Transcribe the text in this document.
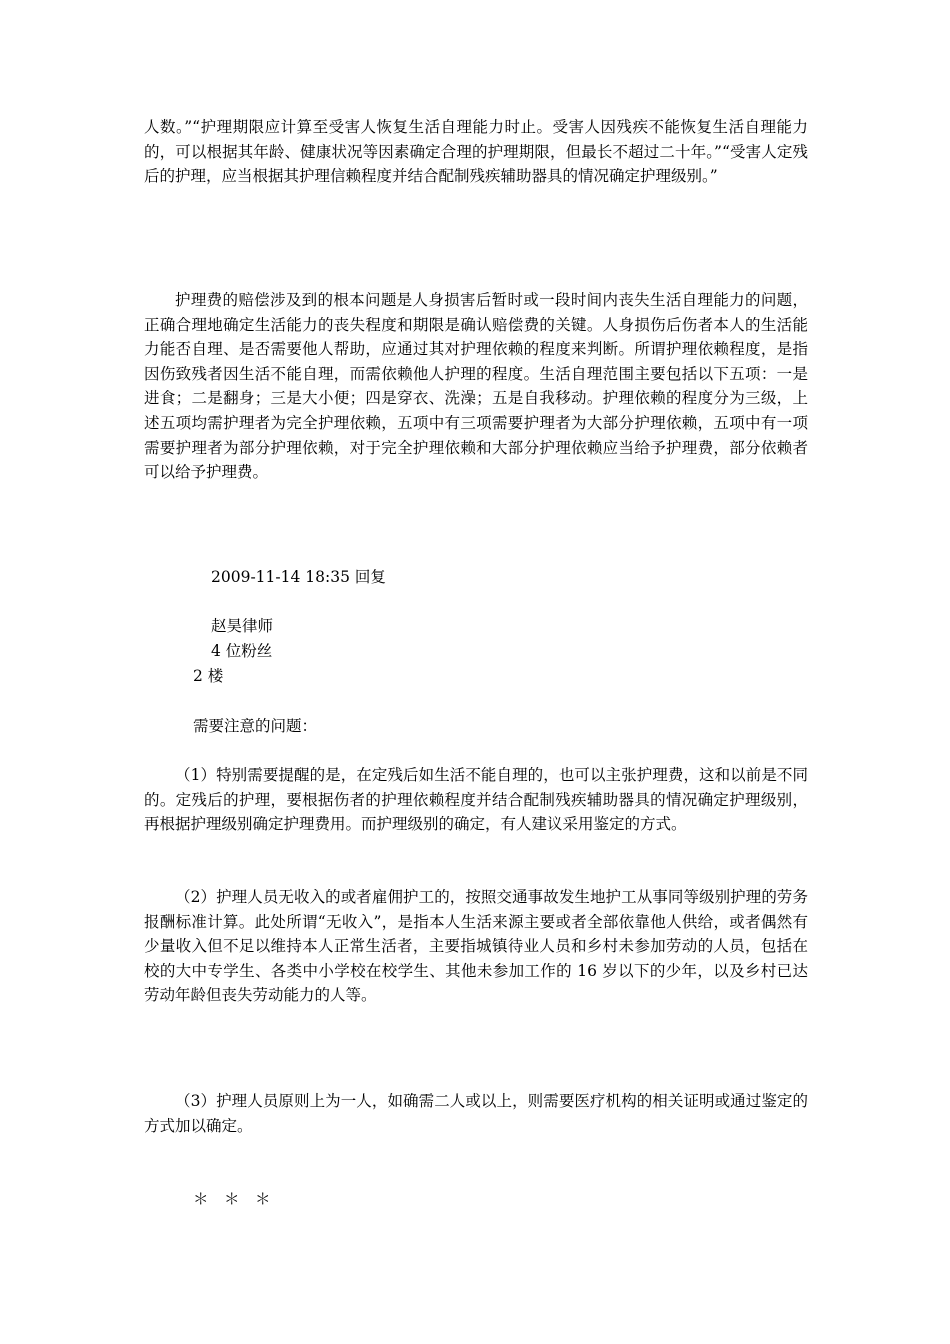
人数。”“护理期限应计算至受害人恢复生活自理能力时止。受害人因残疾不能恢复生活自理能力的，可以根据其年龄、健康状况等因素确定合理的护理期限，但最长不超过二十年。”“受害人定残后的护理，应当根据其护理信赖程度并结合配制残疾辅助器具的情况确定护理级别。”

护理费的赔偿涉及到的根本问题是人身损害后暂时或一段时间内丧失生活自理能力的问题，正确合理地确定生活能力的丧失程度和期限是确认赔偿费的关键。人身损伤后伤者本人的生活能力能否自理、是否需要他人帮助，应通过其对护理依赖的程度来判断。所谓护理依赖程度，是指因伤致残者因生活不能自理，而需依赖他人护理的程度。生活自理范围主要包括以下五项：一是进食；二是翻身；三是大小便；四是穿衣、洗澡；五是自我移动。护理依赖的程度分为三级，上述五项均需护理者为完全护理依赖，五项中有三项需要护理者为大部分护理依赖，五项中有一项需要护理者为部分护理依赖，对于完全护理依赖和大部分护理依赖应当给予护理费，部分依赖者可以给予护理费。

2009-11-14 18:35 回复

赵昊律师

4 位粉丝

2 楼

需要注意的问题：

（1）特别需要提醒的是，在定残后如生活不能自理的，也可以主张护理费，这和以前是不同的。定残后的护理，要根据伤者的护理依赖程度并结合配制残疾辅助器具的情况确定护理级别，再根据护理级别确定护理费用。而护理级别的确定，有人建议采用鉴定的方式。

（2）护理人员无收入的或者雇佣护工的，按照交通事故发生地护工从事同等级别护理的劳务报酬标准计算。此处所谓“无收入”，是指本人生活来源主要或者全部依靠他人供给，或者偶然有少量收入但不足以维持本人正常生活者，主要指城镇待业人员和乡村未参加劳动的人员，包括在校的大中专学生、各类中小学校在校学生、其他未参加工作的 16 岁以下的少年，以及乡村已达劳动年龄但丧失劳动能力的人等。

（3）护理人员原则上为一人，如确需二人或以上，则需要医疗机构的相关证明或通过鉴定的方式加以确定。

＊　＊　＊
